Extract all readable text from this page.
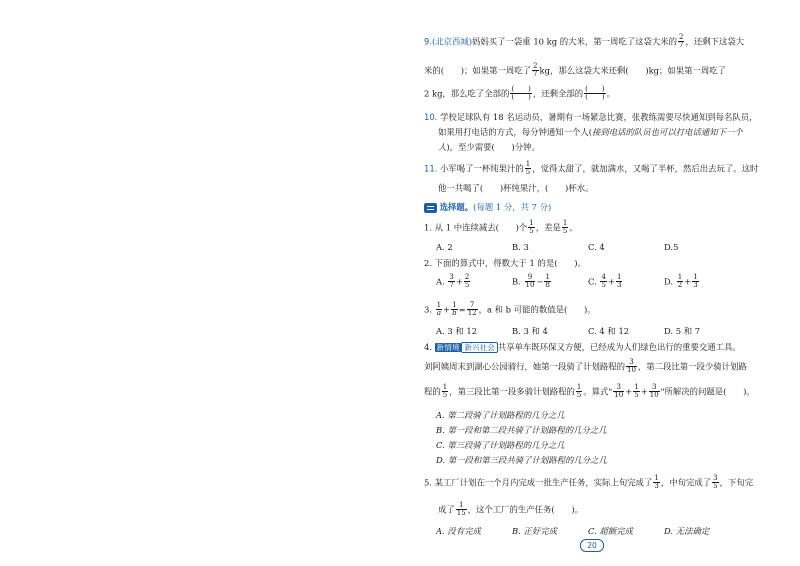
9.(北京西城)妈妈买了一袋重 10 kg 的大米，第一周吃了这袋大米的 $\frac{2}{7}$ ，还剩下这袋大
米的(　　)；如果第一周吃了 $\frac{2}{7}$ kg，那么这袋大米还剩(　　)kg；如果第一周吃了
2 kg，那么吃了全部的 $\frac{( )}{( )}$ ，还剩全部的 $\frac{( )}{( )}$ 。
10. 学校足球队有 18 名运动员，暑期有一场紧急比赛，张教练需要尽快通知到每名队员，
如果用打电话的方式，每分钟通知一个人(接到电话的队员也可以打电话通知下一个
人)，至少需要(　　)分钟。
11. 小军喝了一杯纯果汁的 $\frac{1}{5}$ ，觉得太甜了，就加满水，又喝了半杯，然后出去玩了。这时
他一共喝了(　　)杯纯果汁，(　　)杯水。
选择题。(每题 1 分，共 7 分)
1. 从 1 中连续减去(　　)个 $\frac{1}{5}$ ，差是 $\frac{1}{5}$ 。
A. 2	B. 3	C. 4	D.5
2. 下面的算式中，得数大于 1 的是(　　)。
A. $\frac{3}{7} + \frac{2}{5}$	B. $\frac{9}{10} - \frac{1}{8}$	C. $\frac{4}{5} + \frac{1}{3}$	D. $\frac{1}{2} + \frac{1}{3}$
3. $\frac{1}{a} + \frac{1}{b} = \frac{7}{12}$ ，a 和 b 可能的数值是(　　)。
A. 3 和 12	B. 3 和 4	C. 4 和 12	D. 5 和 7
4. 新情境 新兴社会 共享单车既环保又方便，已经成为人们绿色出行的重要交通工具。
刘阿姨周末到湖心公园骑行，她第一段骑了计划路程的 $\frac{3}{10}$ ，第二段比第一段少骑计划路
程的 $\frac{1}{5}$ ，第三段比第一段多骑计划路程的 $\frac{1}{5}$ 。算式" $\frac{3}{10} + \frac{1}{5} + \frac{3}{10}$ "所解决的问题是(　　)。
A. 第二段骑了计划路程的几分之几
B. 第一段和第二段共骑了计划路程的几分之几
C. 第三段骑了计划路程的几分之几
D. 第一段和第三段共骑了计划路程的几分之几
5. 某工厂计划在一个月内完成一批生产任务，实际上旬完成了 $\frac{1}{3}$ ，中旬完成了 $\frac{3}{5}$ ，下旬完
成了 $\frac{1}{15}$ ，这个工厂的生产任务(　　)。
A. 没有完成	B. 正好完成	C. 超额完成	D. 无法确定
20
